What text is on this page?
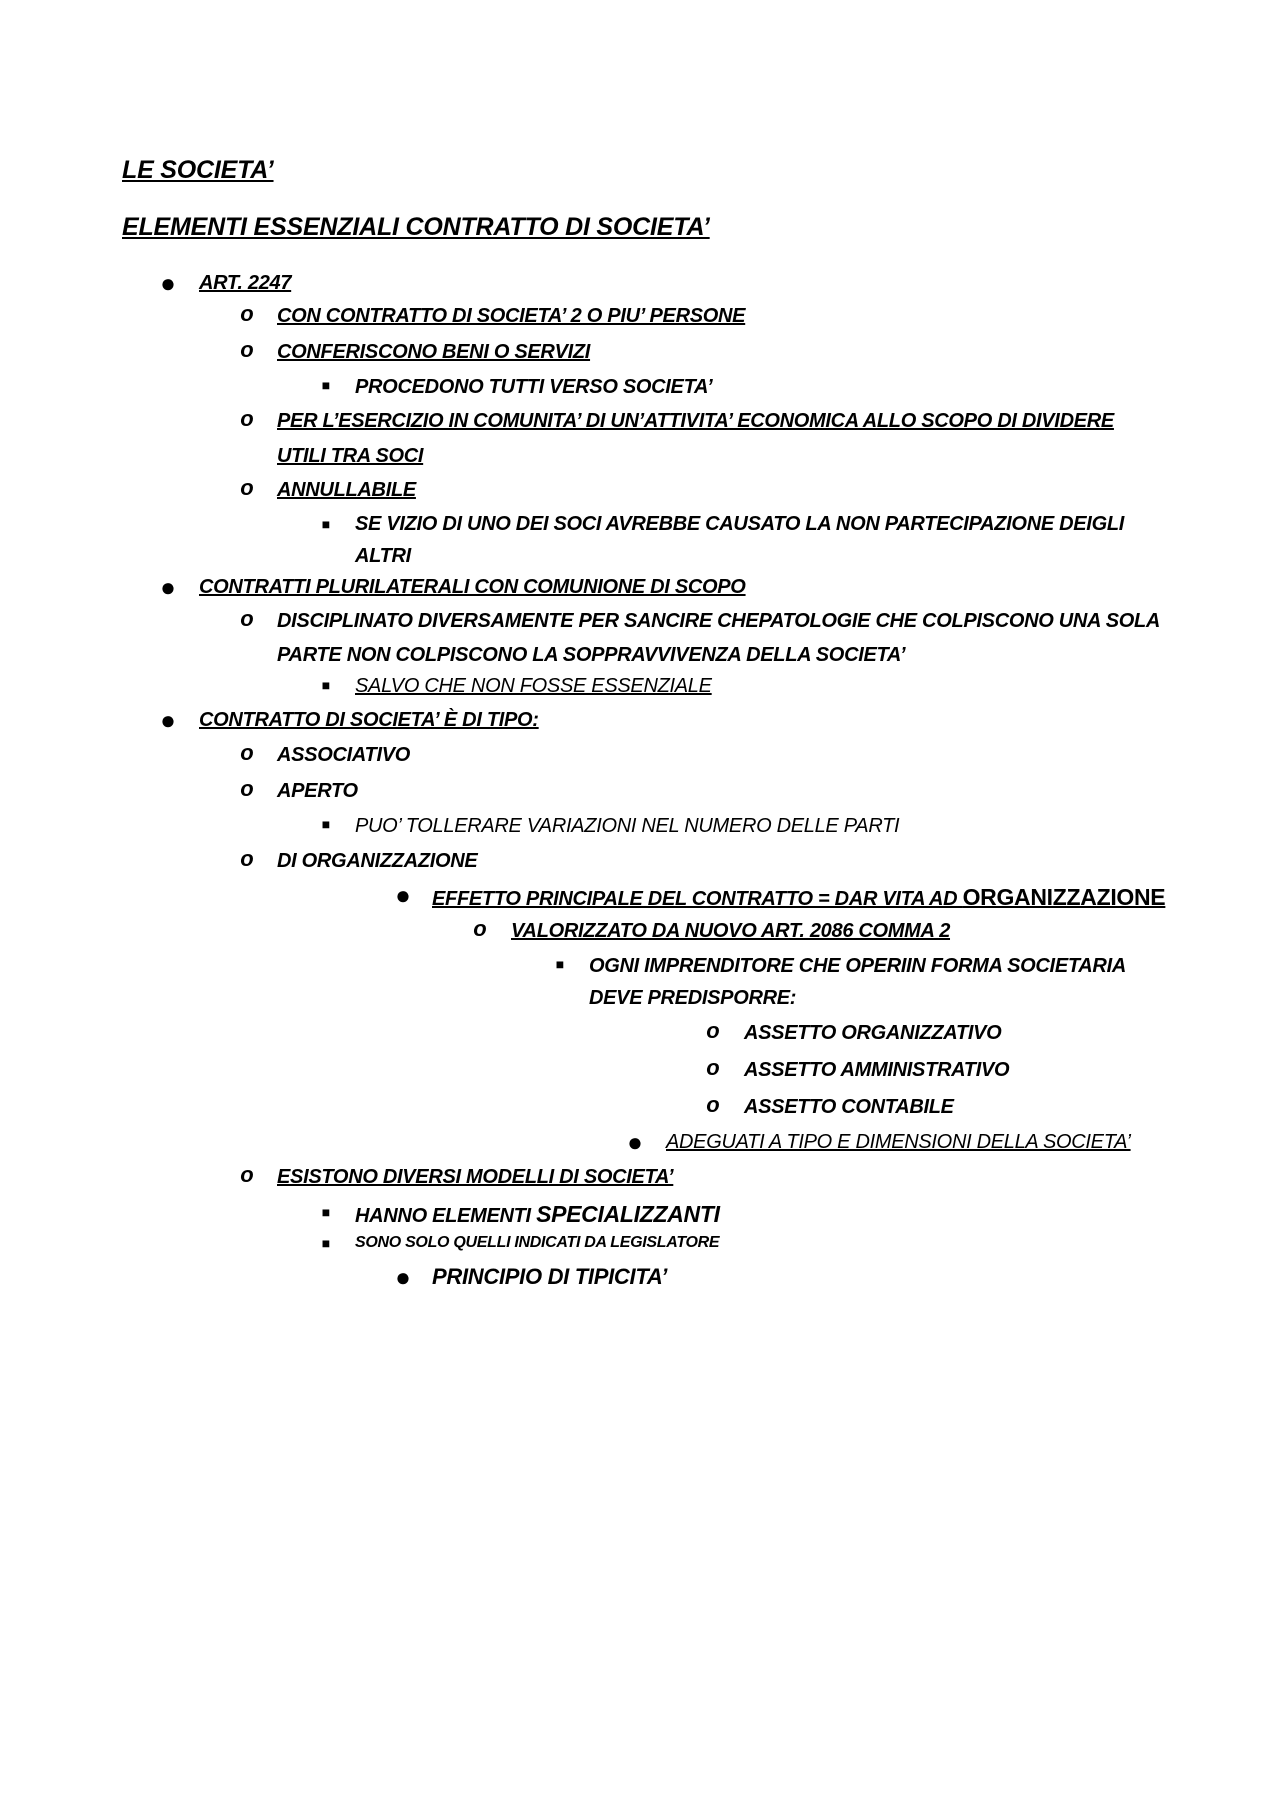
LE SOCIETA’
ELEMENTI ESSENZIALI CONTRATTO DI SOCIETA’
● ART. 2247
o CON CONTRATTO DI SOCIETA’ 2 O PIU’ PERSONE
o CONFERISCONO BENI O SERVIZI
■ PROCEDONO TUTTI VERSO SOCIETA’
o PER L’ESERCIZIO IN COMUNITA’ DI UN’ATTIVITA’ ECONOMICA ALLO SCOPO DI DIVIDERE
UTILI TRA SOCI
o ANNULLABILE
■ SE VIZIO DI UNO DEI SOCI AVREBBE CAUSATO LA NON PARTECIPAZIONE DEIGLI
ALTRI
● CONTRATTI PLURILATERALI CON COMUNIONE DI SCOPO
o DISCIPLINATO DIVERSAMENTE PER SANCIRE CHEPATOLOGIE CHE COLPISCONO UNA SOLA
PARTE NON COLPISCONO LA SOPPRAVVIVENZA DELLA SOCIETA’
■ SALVO CHE NON FOSSE ESSENZIALE
● CONTRATTO DI SOCIETA’ È DI TIPO:
o ASSOCIATIVO
o APERTO
■ PUO’ TOLLERARE VARIAZIONI NEL NUMERO DELLE PARTI
o DI ORGANIZZAZIONE
● EFFETTO PRINCIPALE DEL CONTRATTO = DAR VITA AD ORGANIZZAZIONE
o VALORIZZATO DA NUOVO ART. 2086 COMMA 2
■ OGNI IMPRENDITORE CHE OPERIIN FORMA SOCIETARIA
DEVE PREDISPORRE:
o ASSETTO ORGANIZZATIVO
o ASSETTO AMMINISTRATIVO
o ASSETTO CONTABILE
● ADEGUATI A TIPO E DIMENSIONI DELLA SOCIETA’
o ESISTONO DIVERSI MODELLI DI SOCIETA’
■ HANNO ELEMENTI SPECIALIZZANTI
■ SONO SOLO QUELLI INDICATI DA LEGISLATORE
● PRINCIPIO DI TIPICITA’
